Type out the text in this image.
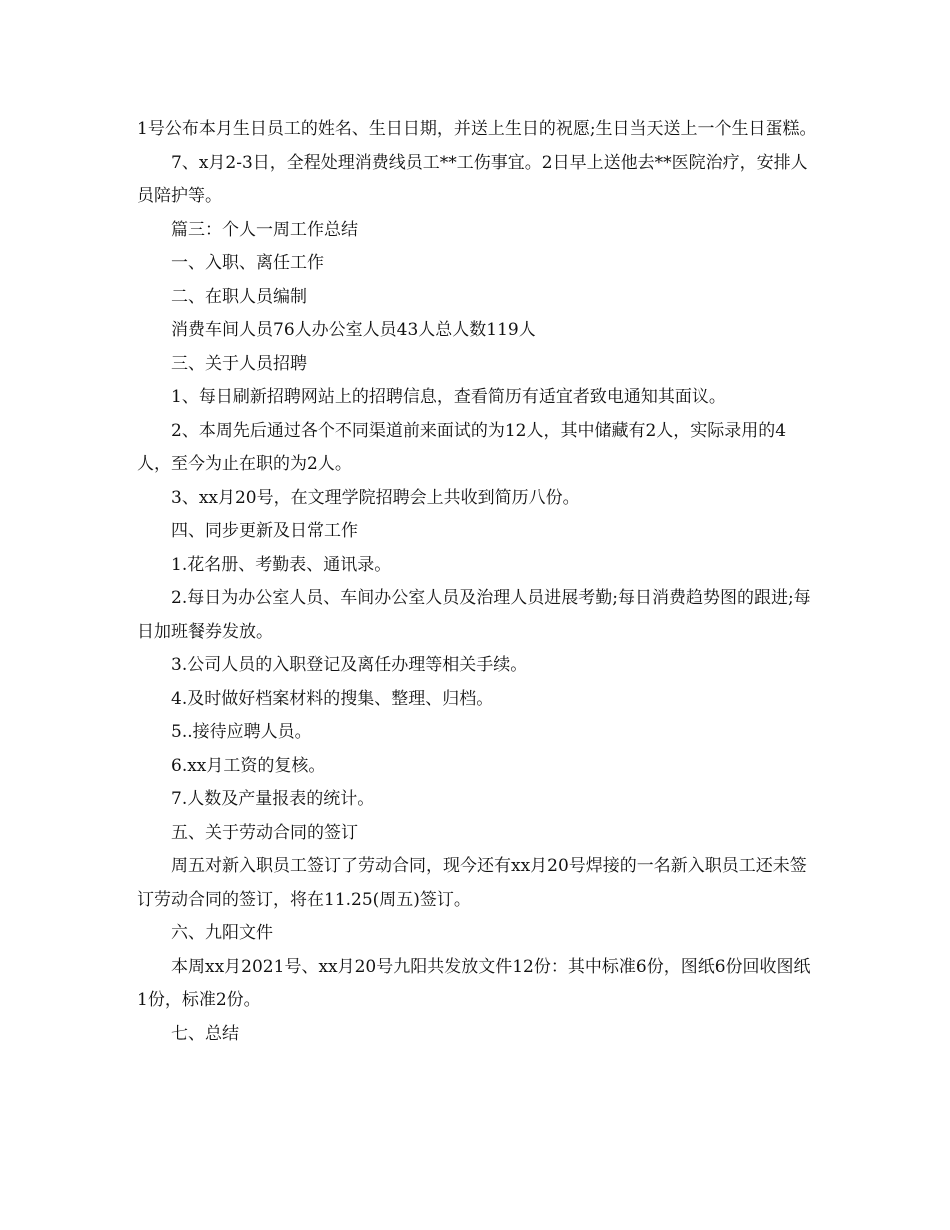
1号公布本月生日员工的姓名、生日日期，并送上生日的祝愿;生日当天送上一个生日蛋糕。

7、x月2-3日，全程处理消费线员工**工伤事宜。2日早上送他去**医院治疗，安排人员陪护等。

篇三：个人一周工作总结

一、入职、离任工作

二、在职人员编制

消费车间人员76人办公室人员43人总人数119人

三、关于人员招聘

1、每日刷新招聘网站上的招聘信息，查看简历有适宜者致电通知其面议。

2、本周先后通过各个不同渠道前来面试的为12人，其中储藏有2人，实际录用的4人，至今为止在职的为2人。

3、xx月20号，在文理学院招聘会上共收到简历八份。

四、同步更新及日常工作

1.花名册、考勤表、通讯录。

2.每日为办公室人员、车间办公室人员及治理人员进展考勤;每日消费趋势图的跟进;每日加班餐券发放。

3.公司人员的入职登记及离任办理等相关手续。

4.及时做好档案材料的搜集、整理、归档。

5..接待应聘人员。

6.xx月工资的复核。

7.人数及产量报表的统计。

五、关于劳动合同的签订

周五对新入职员工签订了劳动合同，现今还有xx月20号焊接的一名新入职员工还未签订劳动合同的签订，将在11.25(周五)签订。

六、九阳文件

本周xx月2021号、xx月20号九阳共发放文件12份：其中标准6份，图纸6份回收图纸1份，标准2份。

七、总结
